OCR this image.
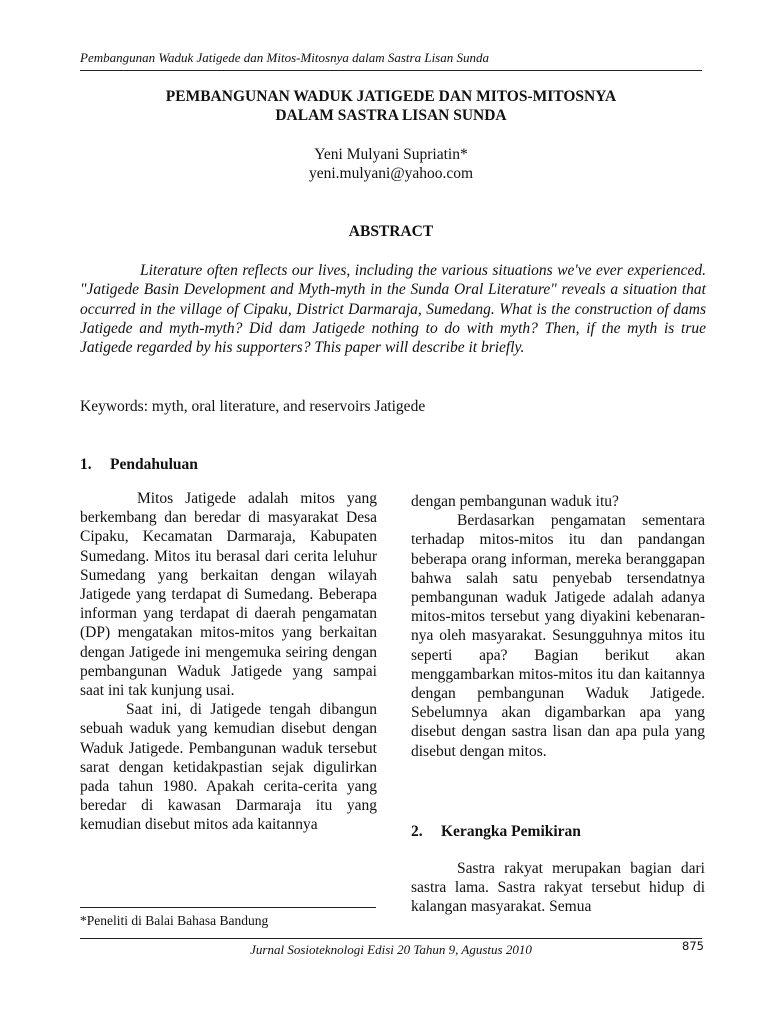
Pembangunan Waduk Jatigede dan Mitos-Mitosnya dalam Sastra Lisan Sunda
PEMBANGUNAN WADUK JATIGEDE DAN MITOS-MITOSNYA
DALAM SASTRA LISAN SUNDA
Yeni Mulyani Supriatin*
yeni.mulyani@yahoo.com
ABSTRACT
Literature often reflects our lives, including the various situations we've ever experienced. "Jatigede Basin Development and Myth-myth in the Sunda Oral Literature" reveals a situation that occurred in the village of Cipaku, District Darmaraja, Sumedang. What is the construction of dams Jatigede and myth-myth? Did dam Jatigede nothing to do with myth? Then, if the myth is true Jatigede regarded by his supporters? This paper will describe it briefly.
Keywords: myth, oral literature, and reservoirs Jatigede
1. Pendahuluan

Mitos Jatigede adalah mitos yang berkembang dan beredar di masyarakat Desa Cipaku, Kecamatan Darmaraja, Kabupaten Sumedang. Mitos itu berasal dari cerita leluhur Sumedang yang berkaitan dengan wilayah Jatigede yang terdapat di Sumedang. Beberapa informan yang terdapat di daerah pengamatan (DP) mengatakan mitos-mitos yang berkaitan dengan Jatigede ini mengemuka seiring dengan pembangunan Waduk Jatigede yang sampai saat ini tak kunjung usai.

Saat ini, di Jatigede tengah dibangun sebuah waduk yang kemudian disebut dengan Waduk Jatigede. Pembangunan waduk tersebut sarat dengan ketidakpastian sejak digulirkan pada tahun 1980. Apakah cerita-cerita yang beredar di kawasan Darmaraja itu yang kemudian disebut mitos ada kaitannya

dengan pembangunan waduk itu?

Berdasarkan pengamatan sementara terhadap mitos-mitos itu dan pandangan beberapa orang informan, mereka beranggapan bahwa salah satu penyebab tersendatnya pembangunan waduk Jatigede adalah adanya mitos-mitos tersebut yang diyakini kebenarannya oleh masyarakat. Sesungguhnya mitos itu seperti apa? Bagian berikut akan menggambarkan mitos-mitos itu dan kaitannya dengan pembangunan Waduk Jatigede. Sebelumnya akan digambarkan apa yang disebut dengan sastra lisan dan apa pula yang disebut dengan mitos.

2. Kerangka Pemikiran

Sastra rakyat merupakan bagian dari sastra lama. Sastra rakyat tersebut hidup di kalangan masyarakat. Semua

*Peneliti di Balai Bahasa Bandung
Jurnal Sosioteknologi Edisi 20 Tahun 9, Agustus 2010	875
